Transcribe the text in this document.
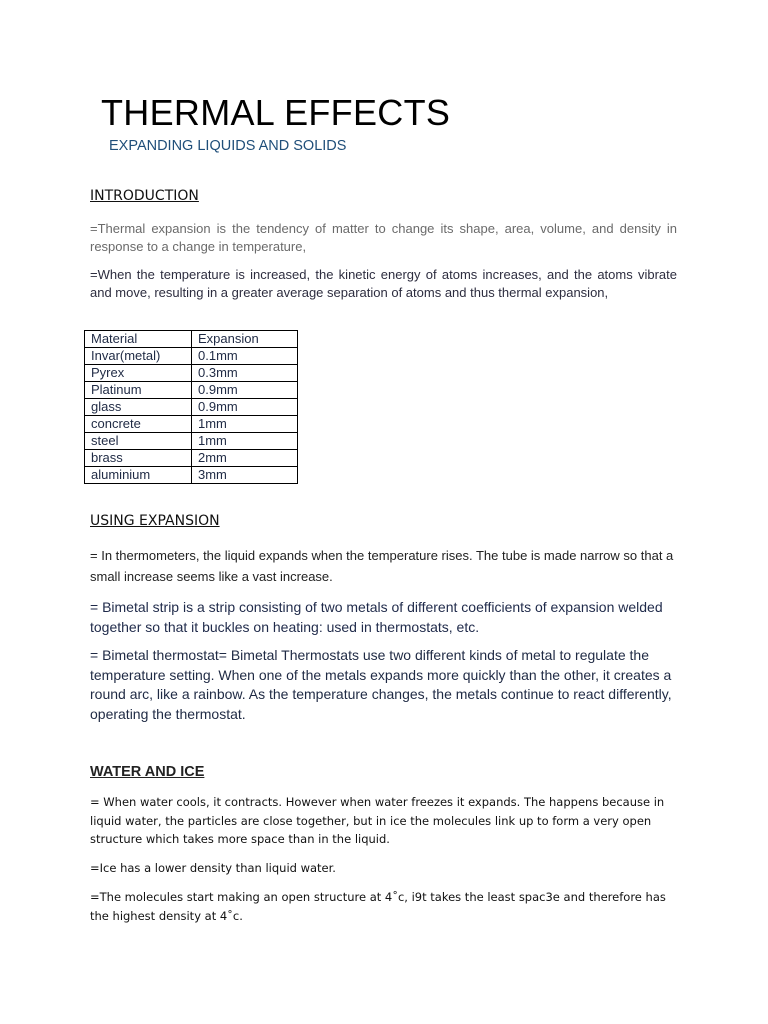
THERMAL EFFECTS
EXPANDING LIQUIDS AND SOLIDS
INTRODUCTION
=Thermal expansion is the tendency of matter to change its shape, area, volume, and density in response to a change in temperature,
=When the temperature is increased, the kinetic energy of atoms increases, and the atoms vibrate and move, resulting in a greater average separation of atoms and thus thermal expansion,
Material	Expansion
Invar(metal)	0.1mm
Pyrex	0.3mm
Platinum	0.9mm
glass	0.9mm
concrete	1mm
steel	1mm
brass	2mm
aluminium	3mm
USING EXPANSION
= In thermometers, the liquid expands when the temperature rises. The tube is made narrow so that a small increase seems like a vast increase.
= Bimetal strip is a strip consisting of two metals of different coefficients of expansion welded together so that it buckles on heating: used in thermostats, etc.
= Bimetal thermostat= Bimetal Thermostats use two different kinds of metal to regulate the temperature setting. When one of the metals expands more quickly than the other, it creates a round arc, like a rainbow. As the temperature changes, the metals continue to react differently, operating the thermostat.
WATER AND ICE
= When water cools, it contracts. However when water freezes it expands. The happens because in liquid water, the particles are close together, but in ice the molecules link up to form a very open structure which takes more space than in the liquid.
=Ice has a lower density than liquid water.
=The molecules start making an open structure at 4˚c, i9t takes the least spac3e and therefore has the highest density at 4˚c.
